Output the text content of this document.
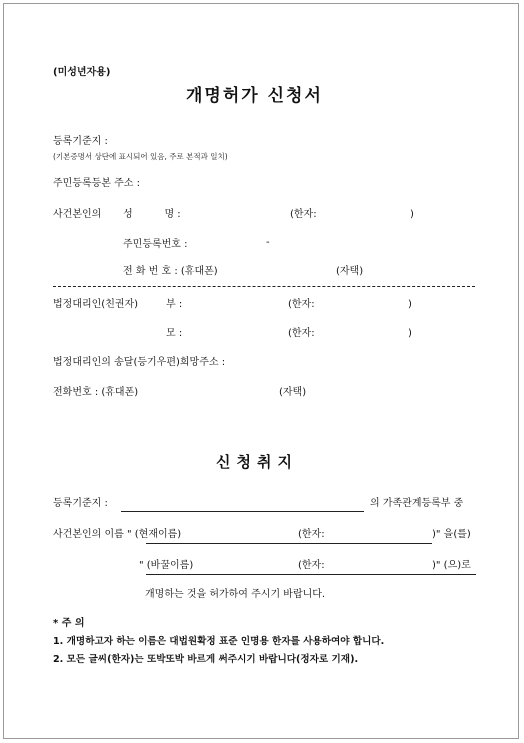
(미성년자용)
개명허가 신청서
등록기준지 :
(기본증명서 상단에 표시되어 있음, 주로 본적과 일치)
주민등록등본 주소 :
사건본인의 성          명 :	(한자:	)
주민등록번호 :	-
전 화 번 호 : (휴대폰)	(자택)
법정대리인(친권자)	부 :	(한자:	)
모 :	(한자:	)
법정대리인의 송달(등기우편)희망주소 :
전화번호 : (휴대폰)	(자택)
신청취지
등록기준지 :	의 가족관계등록부 중
사건본인의 이름 " (현재이름)	(한자:	)" 을(를)
" (바꿀이름)	(한자:	)" (으)로
개명하는 것을 허가하여 주시기 바랍니다.
* 주 의
1. 개명하고자 하는 이름은 대법원확정 표준 인명용 한자를 사용하여야 합니다.
2. 모든 글씨(한자)는 또박또박 바르게 써주시기 바랍니다(정자로 기재).
